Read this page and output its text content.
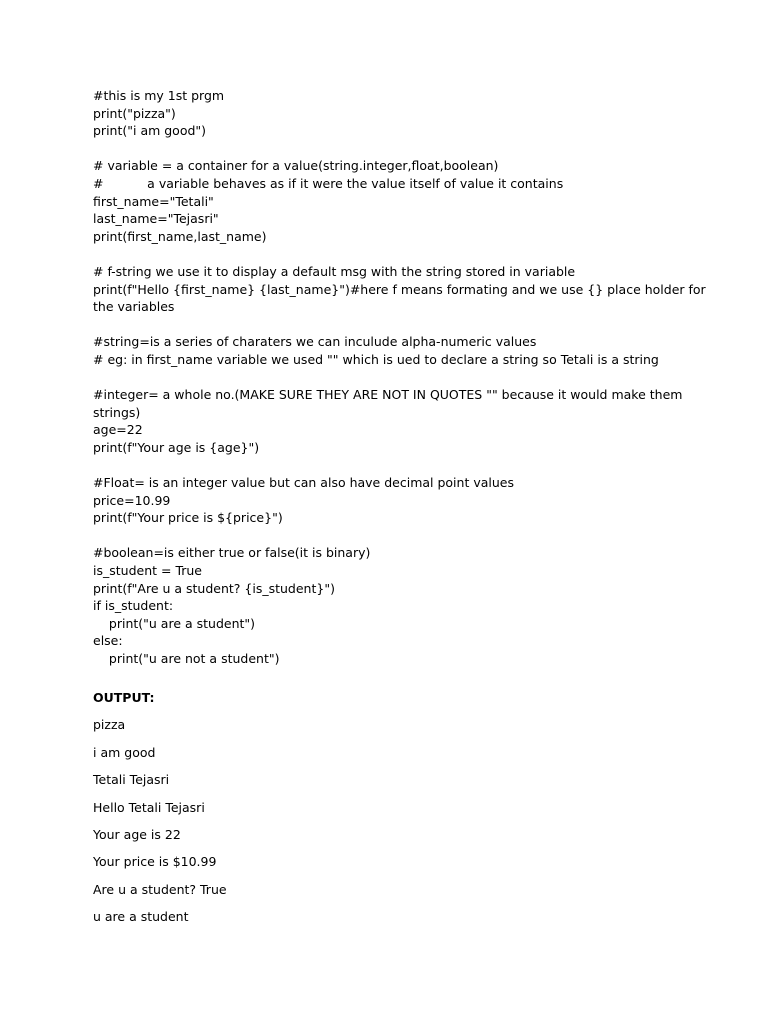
#this is my 1st prgm
print("pizza")
print("i am good")
# variable = a container for a value(string.integer,float,boolean)
#           a variable behaves as if it were the value itself of value it contains
first_name="Tetali"
last_name="Tejasri"
print(first_name,last_name)
# f-string we use it to display a default msg with the string stored in variable
print(f"Hello {first_name} {last_name}")#here f means formating and we use {} place holder for the variables
#string=is a series of charaters we can inculude alpha-numeric values
# eg: in first_name variable we used "" which is ued to declare a string so Tetali is a string
#integer= a whole no.(MAKE SURE THEY ARE NOT IN QUOTES "" because it would make them strings)
age=22
print(f"Your age is {age}")
#Float= is an integer value but can also have decimal point values
price=10.99
print(f"Your price is ${price}")
#boolean=is either true or false(it is binary)
is_student = True
print(f"Are u a student? {is_student}")
if is_student:
print("u are a student")
else:
print("u are not a student")
OUTPUT:
pizza
i am good
Tetali Tejasri
Hello Tetali Tejasri
Your age is 22
Your price is $10.99
Are u a student? True
u are a student
